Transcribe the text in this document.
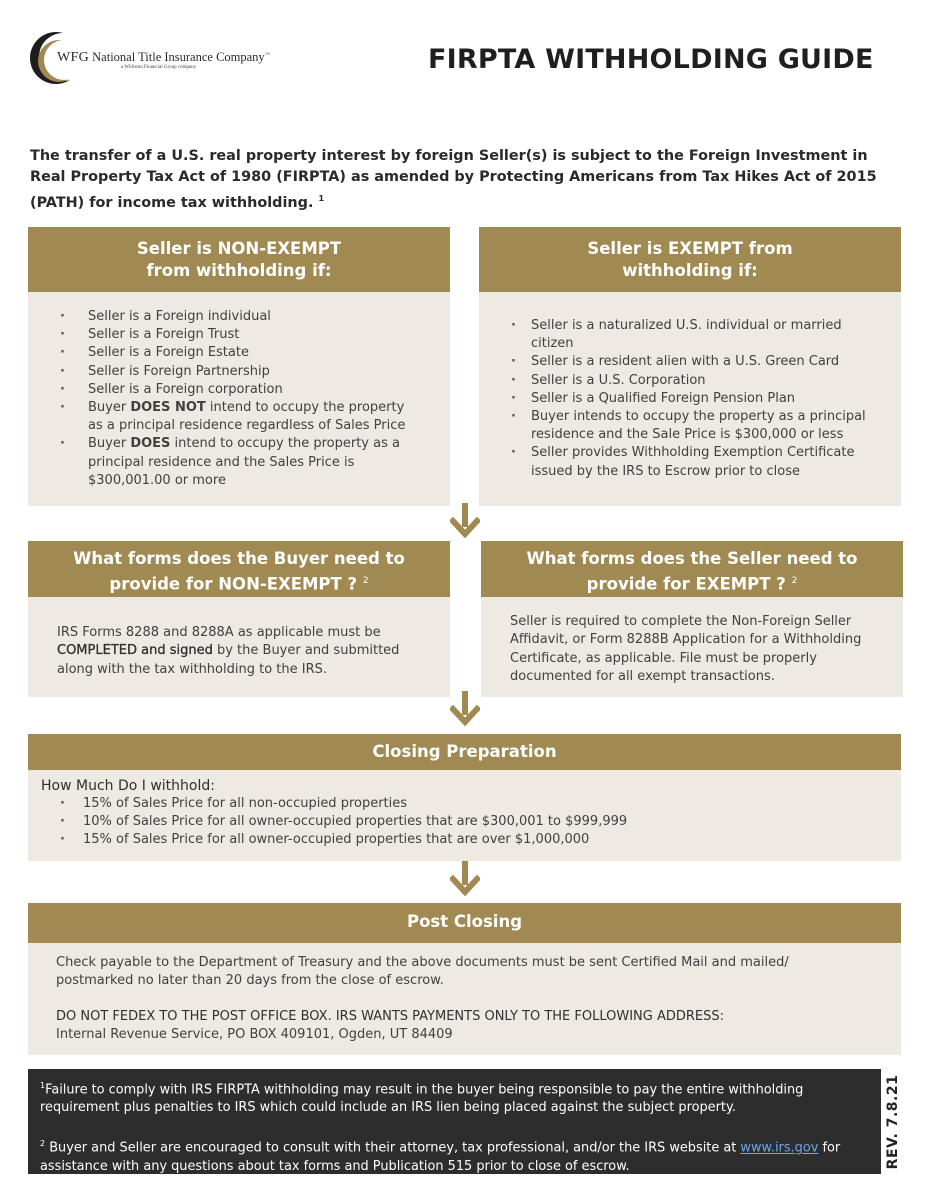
WFG National Title Insurance Company™
a Williston Financial Group company	FIRPTA WITHHOLDING GUIDE

The transfer of a U.S. real property interest by foreign Seller(s) is subject to the Foreign Investment in Real Property Tax Act of 1980 (FIRPTA) as amended by Protecting Americans from Tax Hikes Act of 2015 (PATH) for income tax withholding. $^1$

Seller is NON-EXEMPT
from withholding if:
· Seller is a Foreign individual
· Seller is a Foreign Trust
· Seller is a Foreign Estate
· Seller is Foreign Partnership
· Seller is a Foreign corporation
· Buyer DOES NOT intend to occupy the property as a principal residence regardless of Sales Price
· Buyer DOES intend to occupy the property as a principal residence and the Sales Price is $300,001.00 or more
Seller is EXEMPT from
withholding if:
· Seller is a naturalized U.S. individual or married citizen
· Seller is a resident alien with a U.S. Green Card
· Seller is a U.S. Corporation
· Seller is a Qualified Foreign Pension Plan
· Buyer intends to occupy the property as a principal residence and the Sale Price is $300,000 or less
· Seller provides Withholding Exemption Certificate issued by the IRS to Escrow prior to close
What forms does the Buyer need to
provide for NON-EXEMPT ? $^2$

IRS Forms 8288 and 8288A as applicable must be COMPLETED and signed by the Buyer and submitted along with the tax withholding to the IRS.

What forms does the Seller need to
provide for EXEMPT ? $^2$

Seller is required to complete the Non-Foreign Seller Affidavit, or Form 8288B Application for a Withholding Certificate, as applicable. File must be properly documented for all exempt transactions.

Closing Preparation

How Much Do I withhold:

· 15% of Sales Price for all non-occupied properties
· 10% of Sales Price for all owner-occupied properties that are $300,001 to $999,999
· 15% of Sales Price for all owner-occupied properties that are over $1,000,000
Post Closing

Check payable to the Department of Treasury and the above documents must be sent Certified Mail and mailed/ postmarked no later than 20 days from the close of escrow.

DO NOT FEDEX TO THE POST OFFICE BOX. IRS WANTS PAYMENTS ONLY TO THE FOLLOWING ADDRESS:

Internal Revenue Service, PO BOX 409101, Ogden, UT 84409

$^1$Failure to comply with IRS FIRPTA withholding may result in the buyer being responsible to pay the entire withholding requirement plus penalties to IRS which could include an IRS lien being placed against the subject property.

$^2$ Buyer and Seller are encouraged to consult with their attorney, tax professional, and/or the IRS website at www.irs.gov for assistance with any questions about tax forms and Publication 515 prior to close of escrow.	REV. 7.8.21
